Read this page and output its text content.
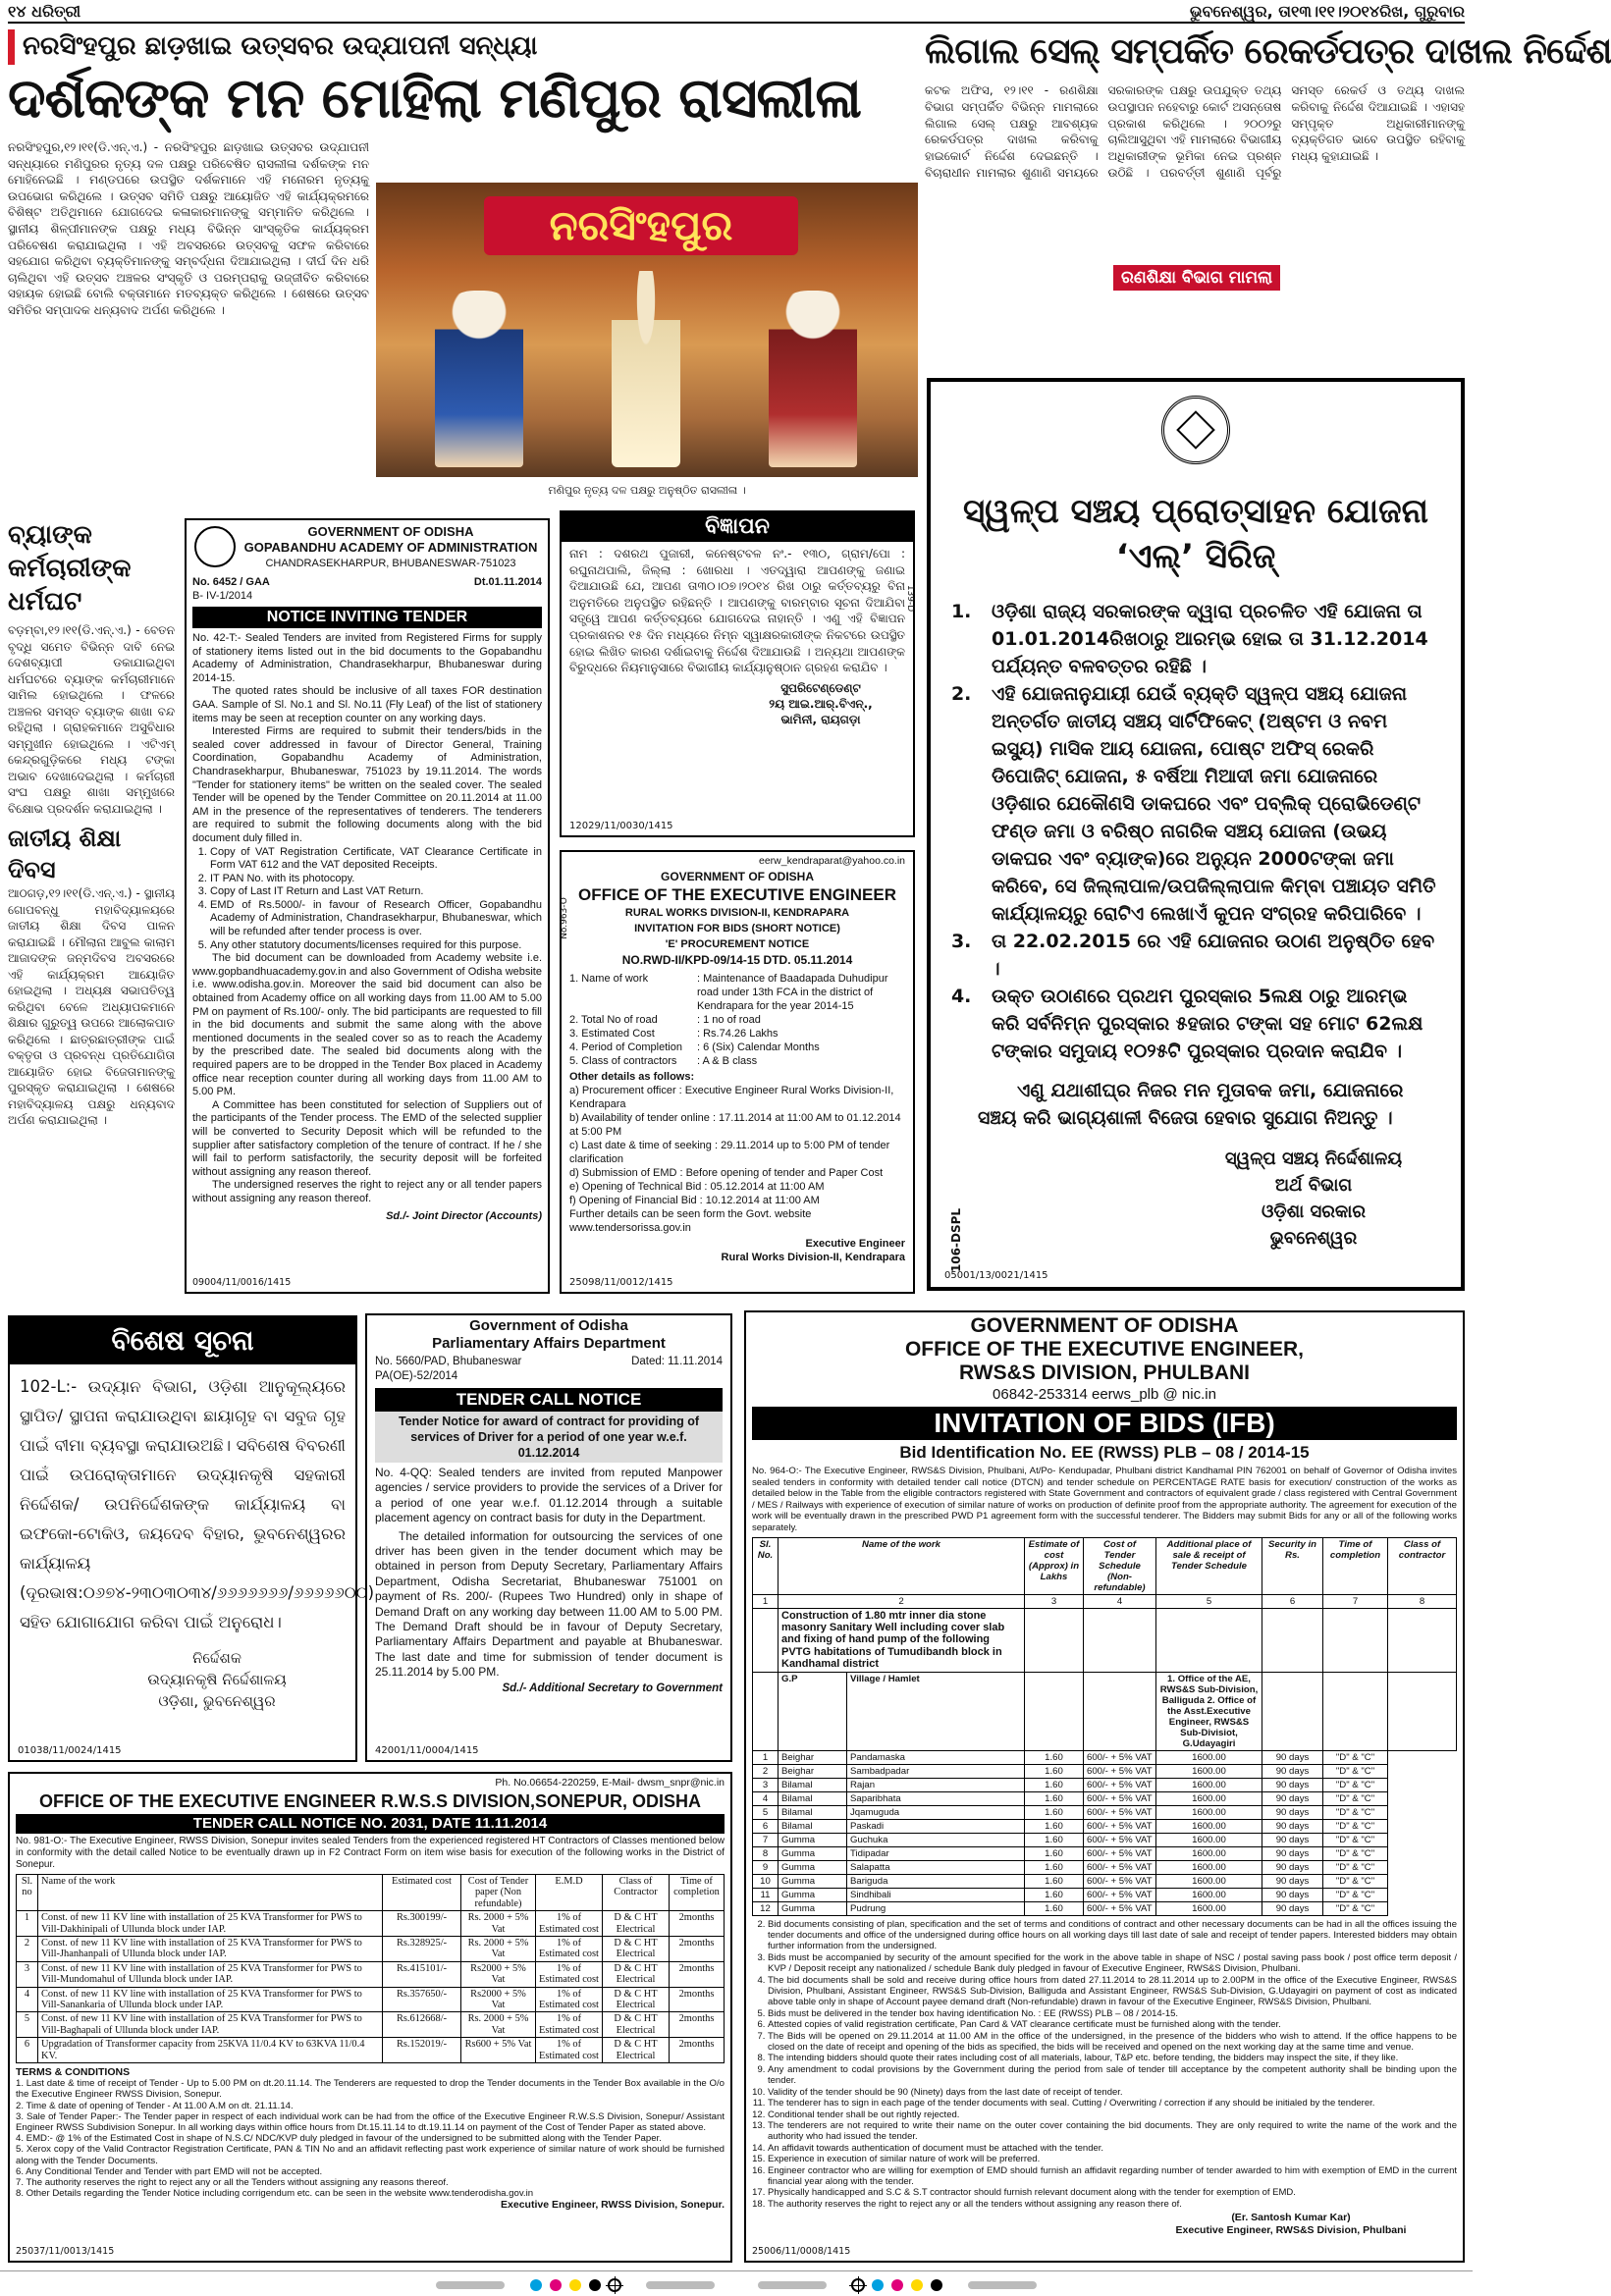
୧୪ ଧରିତ୍ରୀ	ଭୁବନେଶ୍ୱର, ତା୧୩।୧୧।୨୦୧୪ରିଖ, ଗୁରୁବାର
ନରସିଂହପୁର ଛାଡ଼ଖାଇ ଉତ୍ସବର ଉଦ୍‌ଯାପନୀ ସନ୍ଧ୍ୟା
ଦର୍ଶକଙ୍କ ମନ ମୋହିଲା ମଣିପୁର ରାସଲୀଳା
ନରସିଂହପୁର,୧୨।୧୧(ଡି.ଏନ୍.ଏ.) - ନରସିଂହପୁର ଛାଡ଼ଖାଇ ଉତ୍ସବର ଉଦ୍‌ଯାପନୀ ସନ୍ଧ୍ୟାରେ ମଣିପୁରର ନୃତ୍ୟ ଦଳ ପକ୍ଷରୁ ପରିବେଷିତ ରାସଲୀଳା ଦର୍ଶକଙ୍କ ମନ ମୋହିନେଇଛି । ମଣ୍ଡପରେ ଉପସ୍ଥିତ ଦର୍ଶକମାନେ ଏହି ମନୋରମ ନୃତ୍ୟକୁ ଉପଭୋଗ କରିଥିଲେ । ଉତ୍ସବ ସମିତି ପକ୍ଷରୁ ଆୟୋଜିତ ଏହି କାର୍ଯ୍ୟକ୍ରମରେ ବିଶିଷ୍ଟ ଅତିଥିମାନେ ଯୋଗଦେଇ କଳାକାରମାନଙ୍କୁ ସମ୍ମାନିତ କରିଥିଲେ । ସ୍ଥାନୀୟ ଶିଳ୍ପୀମାନଙ୍କ ପକ୍ଷରୁ ମଧ୍ୟ ବିଭିନ୍ନ ସାଂସ୍କୃତିକ କାର୍ଯ୍ୟକ୍ରମ ପରିବେଷଣ କରାଯାଇଥିଲା । ଏହି ଅବସରରେ ଉତ୍ସବକୁ ସଫଳ କରିବାରେ ସହଯୋଗ କରିଥିବା ବ୍ୟକ୍ତିମାନଙ୍କୁ ସମ୍ବର୍ଦ୍ଧନା ଦିଆଯାଇଥିଲା । ଦୀର୍ଘ ଦିନ ଧରି ଚାଲିଥିବା ଏହି ଉତ୍ସବ ଅଞ୍ଚଳର ସଂସ୍କୃତି ଓ ପରମ୍ପରାକୁ ଉଜ୍ଜୀବିତ କରିବାରେ ସହାୟକ ହୋଇଛି ବୋଲି ବକ୍ତାମାନେ ମତବ୍ୟକ୍ତ କରିଥିଲେ । ଶେଷରେ ଉତ୍ସବ ସମିତିର ସମ୍ପାଦକ ଧନ୍ୟବାଦ ଅର୍ପଣ କରିଥିଲେ ।
ନରସିଂହପୁର
ମଣିପୁର ନୃତ୍ୟ ଦଳ ପକ୍ଷରୁ ଅନୁଷ୍ଠିତ ରାସଲୀଳା ।
ଲିଗାଲ ସେଲ୍ ସମ୍ପର୍କିତ ରେକର୍ଡପତ୍ର ଦାଖଲ ନିର୍ଦ୍ଦେଶ
କଟକ ଅଫିସ, ୧୨।୧୧ - ରଣଶିକ୍ଷା ବିଭାଗ ସମ୍ପର୍କିତ ବିଭିନ୍ନ ମାମଲାରେ ଲିଗାଲ ସେଲ୍ ପକ୍ଷରୁ ଆବଶ୍ୟକ ରେକର୍ଡପତ୍ର ଦାଖଲ କରିବାକୁ ହାଇକୋର୍ଟ ନିର୍ଦ୍ଦେଶ ଦେଇଛନ୍ତି । ବିଚାରାଧୀନ ମାମଲାର ଶୁଣାଣି ସମୟରେ ସରକାରଙ୍କ ପକ୍ଷରୁ ଉପଯୁକ୍ତ ତଥ୍ୟ ଉପସ୍ଥାପନ ନହେବାରୁ କୋର୍ଟ ଅସନ୍ତୋଷ ପ୍ରକାଶ କରିଥିଲେ । ୨୦୦୨ରୁ ଚାଲିଆସୁଥିବା ଏହି ମାମଲାରେ ବିଭାଗୀୟ ଅଧିକାରୀଙ୍କ ଭୂମିକା ନେଇ ପ୍ରଶ୍ନ ଉଠିଛି । ପରବର୍ତ୍ତୀ ଶୁଣାଣି ପୂର୍ବରୁ ସମସ୍ତ ରେକର୍ଡ ଓ ତଥ୍ୟ ଦାଖଲ କରିବାକୁ ନିର୍ଦ୍ଦେଶ ଦିଆଯାଇଛି । ଏହାସହ ସମ୍ପୃକ୍ତ ଅଧିକାରୀମାନଙ୍କୁ ବ୍ୟକ୍ତିଗତ ଭାବେ ଉପସ୍ଥିତ ରହିବାକୁ ମଧ୍ୟ କୁହାଯାଇଛି ।
ରଣଶିକ୍ଷା ବିଭାଗ ମାମଲା
ସ୍ୱଳ୍ପ ସଞ୍ଚୟ ପ୍ରୋତ୍ସାହନ ଯୋଜନା
‘ଏଲ୍’ ସିରିଜ୍
1. ଓଡ଼ିଶା ରାଜ୍ୟ ସରକାରଙ୍କ ଦ୍ୱାରା ପ୍ରଚଳିତ ଏହି ଯୋଜନା ତା 01.01.2014ରିଖଠାରୁ ଆରମ୍ଭ ହୋଇ ତା 31.12.2014 ପର୍ଯ୍ୟନ୍ତ ବଳବତ୍ତର ରହିଛି ।
2. ଏହି ଯୋଜନାନୁଯାୟୀ ଯେଉଁ ବ୍ୟକ୍ତି ସ୍ୱଳ୍ପ ସଞ୍ଚୟ ଯୋଜନା ଅନ୍ତର୍ଗତ ଜାତୀୟ ସଞ୍ଚୟ ସାର୍ଟିଫିକେଟ୍ (ଅଷ୍ଟମ ଓ ନବମ ଇସ୍ୟୁ) ମାସିକ ଆୟ ଯୋଜନା, ପୋଷ୍ଟ ଅଫିସ୍ ରେକରି ଡିପୋଜିଟ୍ ଯୋଜନା, ୫ ବର୍ଷିଆ ମିଆଦୀ ଜମା ଯୋଜନାରେ ଓଡ଼ିଶାର ଯେକୌଣସି ଡାକଘରେ ଏବଂ ପବ୍ଲିକ୍ ପ୍ରୋଭିଡେଣ୍ଟ ଫଣ୍ଡ ଜମା ଓ ବରିଷ୍ଠ ନାଗରିକ ସଞ୍ଚୟ ଯୋଜନା (ଉଭୟ ଡାକଘର ଏବଂ ବ୍ୟାଙ୍କ)ରେ ଅନ୍ୟୁନ 2000ଟଙ୍କା ଜମା କରିବେ, ସେ ଜିଲ୍ଲାପାଳ/ଉପଜିଲ୍ଲାପାଳ କିମ୍ବା ପଞ୍ଚାୟତ ସମିତି କାର୍ଯ୍ୟାଳୟରୁ ରୋଟିଏ ଲେଖାଏଁ କୁପନ ସଂଗ୍ରହ କରିପାରିବେ ।
3. ତା 22.02.2015 ରେ ଏହି ଯୋଜନାର ଉଠାଣ ଅନୁଷ୍ଠିତ ହେବ ।
4. ଉକ୍ତ ଉଠାଣରେ ପ୍ରଥମ ପୁରସ୍କାର 5ଲକ୍ଷ ଠାରୁ ଆରମ୍ଭ କରି ସର୍ବନିମ୍ନ ପୁରସ୍କାର ୫ହଜାର ଟଙ୍କା ସହ ମୋଟ 62ଲକ୍ଷ ଟଙ୍କାର ସମୁଦାୟ ୧୦୨୫ଟି ପୁରସ୍କାର ପ୍ରଦାନ କରାଯିବ ।
ଏଣୁ ଯଥାଶୀଘ୍ର ନିଜର ମନ ମୁତାବକ ଜମା, ଯୋଜନାରେ ସଞ୍ଚୟ କରି ଭାଗ୍ୟଶାଳୀ ବିଜେତା ହେବାର ସୁଯୋଗ ନିଅନ୍ତୁ ।
ସ୍ୱଳ୍ପ ସଞ୍ଚୟ ନିର୍ଦ୍ଦେଶାଳୟ
ଅର୍ଥ ବିଭାଗ
ଓଡ଼ିଶା ସରକାର
ଭୁବନେଶ୍ୱର
05001/13/0021/1415
106-DSPL
ବ୍ୟାଙ୍କ କର୍ମଚାରୀଙ୍କ ଧର୍ମଘଟ
ବଡ଼ମ୍ବା,୧୨।୧୧(ଡି.ଏନ୍.ଏ.) - ବେତନ ବୃଦ୍ଧି ସମେତ ବିଭିନ୍ନ ଦାବି ନେଇ ଦେଶବ୍ୟାପୀ ଡକାଯାଇଥିବା ଧର୍ମଘଟରେ ବ୍ୟାଙ୍କ କର୍ମଚାରୀମାନେ ସାମିଲ ହୋଇଥିଲେ । ଫଳରେ ଅଞ୍ଚଳର ସମସ୍ତ ବ୍ୟାଙ୍କ ଶାଖା ବନ୍ଦ ରହିଥିଲା । ଗ୍ରାହକମାନେ ଅସୁବିଧାର ସମ୍ମୁଖୀନ ହୋଇଥିଲେ । ଏଟିଏମ୍ କେନ୍ଦ୍ରଗୁଡ଼ିକରେ ମଧ୍ୟ ଟଙ୍କା ଅଭାବ ଦେଖାଦେଇଥିଲା । କର୍ମଚାରୀ ସଂଘ ପକ୍ଷରୁ ଶାଖା ସମ୍ମୁଖରେ ବିକ୍ଷୋଭ ପ୍ରଦର୍ଶନ କରାଯାଇଥିଲା ।
ଜାତୀୟ ଶିକ୍ଷା ଦିବସ
ଆଠଗଡ଼,୧୨।୧୧(ଡି.ଏନ୍.ଏ.) - ସ୍ଥାନୀୟ ଗୋପବନ୍ଧୁ ମହାବିଦ୍ୟାଳୟରେ ଜାତୀୟ ଶିକ୍ଷା ଦିବସ ପାଳନ କରାଯାଇଛି । ମୌଲାନା ଆବୁଲ କାଲାମ ଆଜାଦଙ୍କ ଜନ୍ମଦିବସ ଅବସରରେ ଏହି କାର୍ଯ୍ୟକ୍ରମ ଆୟୋଜିତ ହୋଇଥିଲା । ଅଧ୍ୟକ୍ଷ ସଭାପତିତ୍ୱ କରିଥିବା ବେଳେ ଅଧ୍ୟାପକମାନେ ଶିକ୍ଷାର ଗୁରୁତ୍ୱ ଉପରେ ଆଲୋକପାତ କରିଥିଲେ । ଛାତ୍ରଛାତ୍ରୀଙ୍କ ପାଇଁ ବକ୍ତୃତା ଓ ପ୍ରବନ୍ଧ ପ୍ରତିଯୋଗିତା ଆୟୋଜିତ ହୋଇ ବିଜେତାମାନଙ୍କୁ ପୁରସ୍କୃତ କରାଯାଇଥିଲା । ଶେଷରେ ମହାବିଦ୍ୟାଳୟ ପକ୍ଷରୁ ଧନ୍ୟବାଦ ଅର୍ପଣ କରାଯାଇଥିଲା ।
GOVERNMENT OF ODISHA
GOPABANDHU ACADEMY OF ADMINISTRATION
CHANDRASEKHARPUR, BHUBANESWAR-751023
No. 6452 / GAA
B- IV-1/2014
Dt.01.11.2014
NOTICE INVITING TENDER

No. 42-T:- Sealed Tenders are invited from Registered Firms for supply of stationery items listed out in the bid documents to the Gopabandhu Academy of Administration, Chandrasekharpur, Bhubaneswar during 2014-15.

The quoted rates should be inclusive of all taxes FOR destination GAA. Sample of Sl. No.1 and Sl. No.11 (Fly Leaf) of the list of stationery items may be seen at reception counter on any working days.

Interested Firms are required to submit their tenders/bids in the sealed cover addressed in favour of Director General, Training Coordination, Gopabandhu Academy of Administration, Chandrasekharpur, Bhubaneswar, 751023 by 19.11.2014. The words "Tender for stationery items" be written on the sealed cover. The sealed Tender will be opened by the Tender Committee on 20.11.2014 at 11.00 AM in the presence of the representatives of tenderers. The tenderers are required to submit the following documents along with the bid document duly filled in.

1. Copy of VAT Registration Certificate, VAT Clearance Certificate in Form VAT 612 and the VAT deposited Receipts.
2. IT PAN No. with its photocopy.
3. Copy of Last IT Return and Last VAT Return.
4. EMD of Rs.5000/- in favour of Research Officer, Gopabandhu Academy of Administration, Chandrasekharpur, Bhubaneswar, which will be refunded after tender process is over.
5. Any other statutory documents/licenses required for this purpose.

The bid document can be downloaded from Academy website i.e. www.gopbandhuacademy.gov.in and also Government of Odisha website i.e. www.odisha.gov.in. Moreover the said bid document can also be obtained from Academy office on all working days from 11.00 AM to 5.00 PM on payment of Rs.100/- only. The bid participants are requested to fill in the bid documents and submit the same along with the above mentioned documents in the sealed cover so as to reach the Academy by the prescribed date. The sealed bid documents along with the required papers are to be dropped in the Tender Box placed in Academy office near reception counter during all working days from 11.00 AM to 5.00 PM.

A Committee has been constituted for selection of Suppliers out of the participants of the Tender process. The EMD of the selected supplier will be converted to Security Deposit which will be refunded to the supplier after satisfactory completion of the tenure of contract. If he / she will fail to perform satisfactorily, the security deposit will be forfeited without assigning any reason thereof.

The undersigned reserves the right to reject any or all tender papers without assigning any reason thereof.

Sd./- Joint Director (Accounts)

09004/11/0016/1415
ବିଜ୍ଞାପନ
ନାମ : ଦଶରଥ ପୁଜାରୀ, କନେଷ୍ଟବଳ ନଂ.- ୧୩୦, ଗ୍ରାମ/ପୋ : ରଘୁନାଥପାଲି, ଜିଲ୍ଲା : ଖୋରଧା । ଏତଦ୍ୱାରା ଆପଣଙ୍କୁ ଜଣାଇ ଦିଆଯାଉଛି ଯେ, ଆପଣ ତା୩୦।୦୭।୨୦୧୪ ରିଖ ଠାରୁ କର୍ତ୍ତବ୍ୟରୁ ବିନା ଅନୁମତିରେ ଅନୁପସ୍ଥିତ ରହିଛନ୍ତି । ଆପଣଙ୍କୁ ବାରମ୍ବାର ସୂଚନା ଦିଆଯିବା ସତ୍ତ୍ୱେ ଆପଣ କର୍ତ୍ତବ୍ୟରେ ଯୋଗଦେଇ ନାହାନ୍ତି । ଏଣୁ ଏହି ବିଜ୍ଞାପନ ପ୍ରକାଶନର ୧୫ ଦିନ ମଧ୍ୟରେ ନିମ୍ନ ସ୍ୱାକ୍ଷରକାରୀଙ୍କ ନିକଟରେ ଉପସ୍ଥିତ ହୋଇ ଲିଖିତ କାରଣ ଦର୍ଶାଇବାକୁ ନିର୍ଦ୍ଦେଶ ଦିଆଯାଉଛି । ଅନ୍ୟଥା ଆପଣଙ୍କ ବିରୁଦ୍ଧରେ ନିୟମାନୁସାରେ ବିଭାଗୀୟ କାର୍ଯ୍ୟାନୁଷ୍ଠାନ ଗ୍ରହଣ କରାଯିବ ।
ସୁପରିଟେଣ୍ଡେଣ୍ଟ
୨ୟ ଆଇ.ଆର୍.ବିଏନ୍.,
ଭାମିନୀ, ରାୟଗଡ଼ା
12029/11/0030/1415
139-D
eerw_kendraparat@yahoo.co.in
GOVERNMENT OF ODISHA
OFFICE OF THE EXECUTIVE ENGINEER
RURAL WORKS DIVISION-II, KENDRAPARA
INVITATION FOR BIDS (SHORT NOTICE)
'E' PROCUREMENT NOTICE
NO.RWD-II/KPD-09/14-15 DTD. 05.11.2014
1. Name of work	: Maintenance of Baadapada Duhudipur road under 13th FCA in the district of Kendrapara for the year 2014-15
2. Total No of road	: 1 no of road
3. Estimated Cost	: Rs.74.26 Lakhs
4. Period of Completion	: 6 (Six) Calendar Months
5. Class of contractors	: A & B class
Other details as follows:
a) Procurement officer : Executive Engineer Rural Works Division-II, Kendrapara
b) Availability of tender online : 17.11.2014 at 11:00 AM to 01.12.2014 at 5:00 PM
c) Last date & time of seeking : 29.11.2014 up to 5:00 PM of tender clarification
d) Submission of EMD : Before opening of tender and Paper Cost
e) Opening of Technical Bid : 05.12.2014 at 11:00 AM
f) Opening of Financial Bid : 10.12.2014 at 11:00 AM
Further details can be seen form the Govt. website www.tendersorissa.gov.in
Executive Engineer
Rural Works Division-II, Kendrapara
25098/11/0012/1415
No.963-O
ବିଶେଷ ସୂଚନା
102-L:- ଉଦ୍ୟାନ ବିଭାଗ, ଓଡ଼ିଶା ଆନୁକୂଲ୍ୟରେ ସ୍ଥାପିତ/ ସ୍ଥାପନା କରାଯାଉଥିବା ଛାୟାଗୃହ ବା ସବୁଜ ଗୃହ ପାଇଁ ବୀମା ବ୍ୟବସ୍ଥା କରାଯାଉଅଛି। ସବିଶେଷ ବିବରଣୀ ପାଇଁ ଉପରୋକ୍ତାମାନେ ଉଦ୍ୟାନକୃଷି ସହକାରୀ ନିର୍ଦ୍ଦେଶକ/ ଉପନିର୍ଦ୍ଦେଶକଙ୍କ କାର୍ଯ୍ୟାଳୟ ବା ଇଫକୋ-ଟୋକିଓ, ଜୟଦେବ ବିହାର, ଭୁବନେଶ୍ୱରର କାର୍ଯ୍ୟାଳୟ (ଦୂରଭାଷ:୦୬୭୪-୨୩୦୩୦୩୪/୬୬୬୬୬୬୬/୬୬୬୬୬୦୦) ସହିତ ଯୋଗାଯୋଗ କରିବା ପାଇଁ ଅନୁରୋଧ।
ନିର୍ଦ୍ଦେଶକ
ଉଦ୍ୟାନକୃଷି ନିର୍ଦ୍ଦେଶାଳୟ
ଓଡ଼ିଶା, ଭୁବନେଶ୍ୱର
01038/11/0024/1415
Government of Odisha
Parliamentary Affairs Department
No. 5660/PAD, Bhubaneswar	Dated: 11.11.2014
PA(OE)-52/2014
TENDER CALL NOTICE
Tender Notice for award of contract for providing of services of Driver for a period of one year w.e.f. 01.12.2014

No. 4-QQ: Sealed tenders are invited from reputed Manpower agencies / service providers to provide the services of a Driver for a period of one year w.e.f. 01.12.2014 through a suitable placement agency on contract basis for duty in the Department.

The detailed information for outsourcing the services of one driver has been given in the tender document which may be obtained in person from Deputy Secretary, Parliamentary Affairs Department, Odisha Secretariat, Bhubaneswar 751001 on payment of Rs. 200/- (Rupees Two Hundred) only in shape of Demand Draft on any working day between 11.00 AM to 5.00 PM. The Demand Draft should be in favour of Deputy Secretary, Parliamentary Affairs Department and payable at Bhubaneswar. The last date and time for submission of tender document is 25.11.2014 by 5.00 PM.

Sd./- Additional Secretary to Government
42001/11/0004/1415
GOVERNMENT OF ODISHA
OFFICE OF THE EXECUTIVE ENGINEER,
RWS&S DIVISION, PHULBANI
06842-253314 eerws_plb @ nic.in
INVITATION OF BIDS (IFB)
Bid Identification No. EE (RWSS) PLB – 08 / 2014-15
No. 964-O:- The Executive Engineer, RWS&S Division, Phulbani, At/Po- Kendupadar, Phulbani district Kandhamal PIN 762001 on behalf of Governor of Odisha invites sealed tenders in conformity with detailed tender call notice (DTCN) and tender schedule on PERCENTAGE RATE basis for execution/ construction of the works as detailed below in the Table from the eligible contractors registered with State Government and contractors of equivalent grade / class registered with Central Government / MES / Railways with experience of execution of similar nature of works on production of definite proof from the appropriate authority. The agreement for execution of the work will be eventually drawn in the prescribed PWD P1 agreement form with the successful tenderer. The Bidders may submit Bids for any or all of the following works separately.
Sl. No.	Name of the work		Estimate of cost (Approx) in Lakhs	Cost of Tender Schedule (Non-refundable)	Additional place of sale & receipt of Tender Schedule	Security in Rs.	Time of completion	Class of contractor
1	2		3	4	5	6	7	8
	Construction of 1.80 mtr inner dia stone masonry Sanitary Well including cover slab and fixing of hand pump of the following PVTG habitations of Tumudibandh block in Kandhamal district							
	G.P	Village / Hamlet			1. Office of the AE, RWS&S Sub-Division, Balliguda 2. Office of the Asst.Executive Engineer, RWS&S Sub-Divisiot, G.Udayagiri			
1	Beighar	Pandamaska	1.60	600/- + 5% VAT	1600.00	90 days	"D" & "C"	
2	Beighar	Sambadpadar	1.60	600/- + 5% VAT	1600.00	90 days	"D" & "C"	
3	Bilamal	Rajan	1.60	600/- + 5% VAT	1600.00	90 days	"D" & "C"	
4	Bilamal	Saparibhata	1.60	600/- + 5% VAT	1600.00	90 days	"D" & "C"	
5	Bilamal	Jqamuguda	1.60	600/- + 5% VAT	1600.00	90 days	"D" & "C"	
6	Bilamal	Paskadi	1.60	600/- + 5% VAT	1600.00	90 days	"D" & "C"	
7	Gumma	Guchuka	1.60	600/- + 5% VAT	1600.00	90 days	"D" & "C"	
8	Gumma	Tidipadar	1.60	600/- + 5% VAT	1600.00	90 days	"D" & "C"	
9	Gumma	Salapatta	1.60	600/- + 5% VAT	1600.00	90 days	"D" & "C"	
10	Gumma	Bariguda	1.60	600/- + 5% VAT	1600.00	90 days	"D" & "C"	
11	Gumma	Sindhibali	1.60	600/- + 5% VAT	1600.00	90 days	"D" & "C"	
12	Gumma	Pudrung	1.60	600/- + 5% VAT	1600.00	90 days	"D" & "C"	
2. Bid documents consisting of plan, specification and the set of terms and conditions of contract and other necessary documents can be had in all the offices issuing the tender documents and office of the undersigned during office hours on all working days till last date of sale and receipt of tender papers. Interested bidders may obtain further information from the undersigned.
3. Bids must be accompanied by security of the amount specified for the work in the above table in shape of NSC / postal saving pass book / post office term deposit / KVP / Deposit receipt any nationalized / schedule Bank duly pledged in favour of Executive Engineer, RWS&S Division, Phulbani.
4. The bid documents shall be sold and receive during office hours from dated 27.11.2014 to 28.11.2014 up to 2.00PM in the office of the Executive Engineer, RWS&S Division, Phulbani, Assistant Engineer, RWS&S Sub-Division, Balliguda and Assistant Engineer, RWS&S Sub-Division, G.Udayagiri on payment of cost as indicated above table only in shape of Account payee demand draft (Non-refundable) drawn in favour of the Executive Engineer, RWS&S Division, Phulbani.
5. Bids must be delivered in the tender box having identification No. : EE (RWSS) PLB – 08 / 2014-15.
6. Attested copies of valid registration certificate, Pan Card & VAT clearance certificate must be furnished along with the tender.
7. The Bids will be opened on 29.11.2014 at 11.00 AM in the office of the undersigned, in the presence of the bidders who wish to attend. If the office happens to be closed on the date of receipt and opening of the bids as specified, the bids will be received and opened on the next working day at the same time and venue.
8. The intending bidders should quote their rates including cost of all materials, labour, T&P etc. before tending, the bidders may inspect the site, if they like.
9. Any amendment to codal provisions by the Government during the period from sale of tender till acceptance by the competent authority shall be binding upon the tender.
10. Validity of the tender should be 90 (Ninety) days from the last date of receipt of tender.
11. The tenderer has to sign in each page of the tender documents with seal. Cutting / Overwriting / correction if any should be initialed by the tenderer.
12. Conditional tender shall be out rightly rejected.
13. The tenderers are not required to write their name on the outer cover containing the bid documents. They are only required to write the name of the work and the authority who had issued the tender.
14. An affidavit towards authentication of document must be attached with the tender.
15. Experience in execution of similar nature of work will be preferred.
16. Engineer contractor who are willing for exemption of EMD should furnish an affidavit regarding number of tender awarded to him with exemption of EMD in the current financial year along with the tender.
17. Physically handicapped and S.C & S.T contractor should furnish relevant document along with the tender for exemption of EMD.
18. The authority reserves the right to reject any or all the tenders without assigning any reason there of.
(Er. Santosh Kumar Kar)
Executive Engineer, RWS&S Division, Phulbani
25006/11/0008/1415
Ph. No.06654-220259, E-Mail- dwsm_snpr@nic.in
OFFICE OF THE EXECUTIVE ENGINEER R.W.S.S DIVISION,SONEPUR, ODISHA
TENDER CALL NOTICE NO. 2031, DATE 11.11.2014
No. 981-O:- The Executive Engineer, RWSS Division, Sonepur invites sealed Tenders from the experienced registered HT Contractors of Classes mentioned below in conformity with the detail called Notice to be eventually drawn up in F2 Contract Form on item wise basis for execution of the following works in the District of Sonepur.
Sl. no	Name of the work	Estimated cost	Cost of Tender paper (Non refundable)	E.M.D	Class of Contractor	Time of completion
1	Const. of new 11 KV line with installation of 25 KVA Transformer for PWS to Vill-Dakhinipali of Ullunda block under IAP.	Rs.300199/-	Rs. 2000 + 5% Vat	1% of Estimated cost	D & C HT Electrical	2months
2	Const. of new 11 KV line with installation of 25 KVA Transformer for PWS to Vill-Jhanhanpali of Ullunda block under IAP.	Rs.328925/-	Rs. 2000 + 5% Vat	1% of Estimated cost	D & C HT Electrical	2months
3	Const. of new 11 KV line with installation of 25 KVA Transformer for PWS to Vill-Mundomahul of Ullunda block under IAP.	Rs.415101/-	Rs2000 + 5% Vat	1% of Estimated cost	D & C HT Electrical	2months
4	Const. of new 11 KV line with installation of 25 KVA Transformer for PWS to Vill-Sanankaria of Ullunda block under IAP.	Rs.357650/-	Rs2000 + 5% Vat	1% of Estimated cost	D & C HT Electrical	2months
5	Const. of new 11 KV line with installation of 25 KVA Transformer for PWS to Vill-Baghapali of Ullunda block under IAP.	Rs.612668/-	Rs. 2000 + 5% Vat	1% of Estimated cost	D & C HT Electrical	2months
6	Upgradation of Transformer capacity from 25KVA 11/0.4 KV to 63KVA 11/0.4 KV.	Rs.152019/-	Rs600 + 5% Vat	1% of Estimated cost	D & C HT Electrical	2months
TERMS & CONDITIONS
1. Last date & time of receipt of Tender - Up to 5.00 PM on dt.20.11.14. The Tenderers are requested to drop the Tender documents in the Tender Box available in the O/o the Executive Engineer RWSS Division, Sonepur.
2. Time & date of opening of Tender - At 11.00 A.M on dt. 21.11.14.
3. Sale of Tender Paper:- The Tender paper in respect of each individual work can be had from the office of the Executive Engineer R.W.S.S Division, Sonepur/ Assistant Engineer RWSS Subdivision Sonepur. In all working days within office hours from Dt.15.11.14 to dt.19.11.14 on payment of the Cost of Tender Paper as stated above.
4. EMD:- @ 1% of the Estimated Cost in shape of N.S.C/ NDC/KVP duly pledged in favour of the undersigned to be submitted along with the Tender Paper.
5. Xerox copy of the Valid Contractor Registration Certificate, PAN & TIN No and an affidavit reflecting past work experience of similar nature of work should be furnished along with the Tender Documents.
6. Any Conditional Tender and Tender with part EMD will not be accepted.
7. The authority reserves the right to reject any or all the Tenders without assigning any reasons thereof.
8. Other Details regarding the Tender Notice including corrigendum etc. can be seen in the website www.tenderodisha.gov.in
Executive Engineer, RWSS Division, Sonepur.
25037/11/0013/1415
